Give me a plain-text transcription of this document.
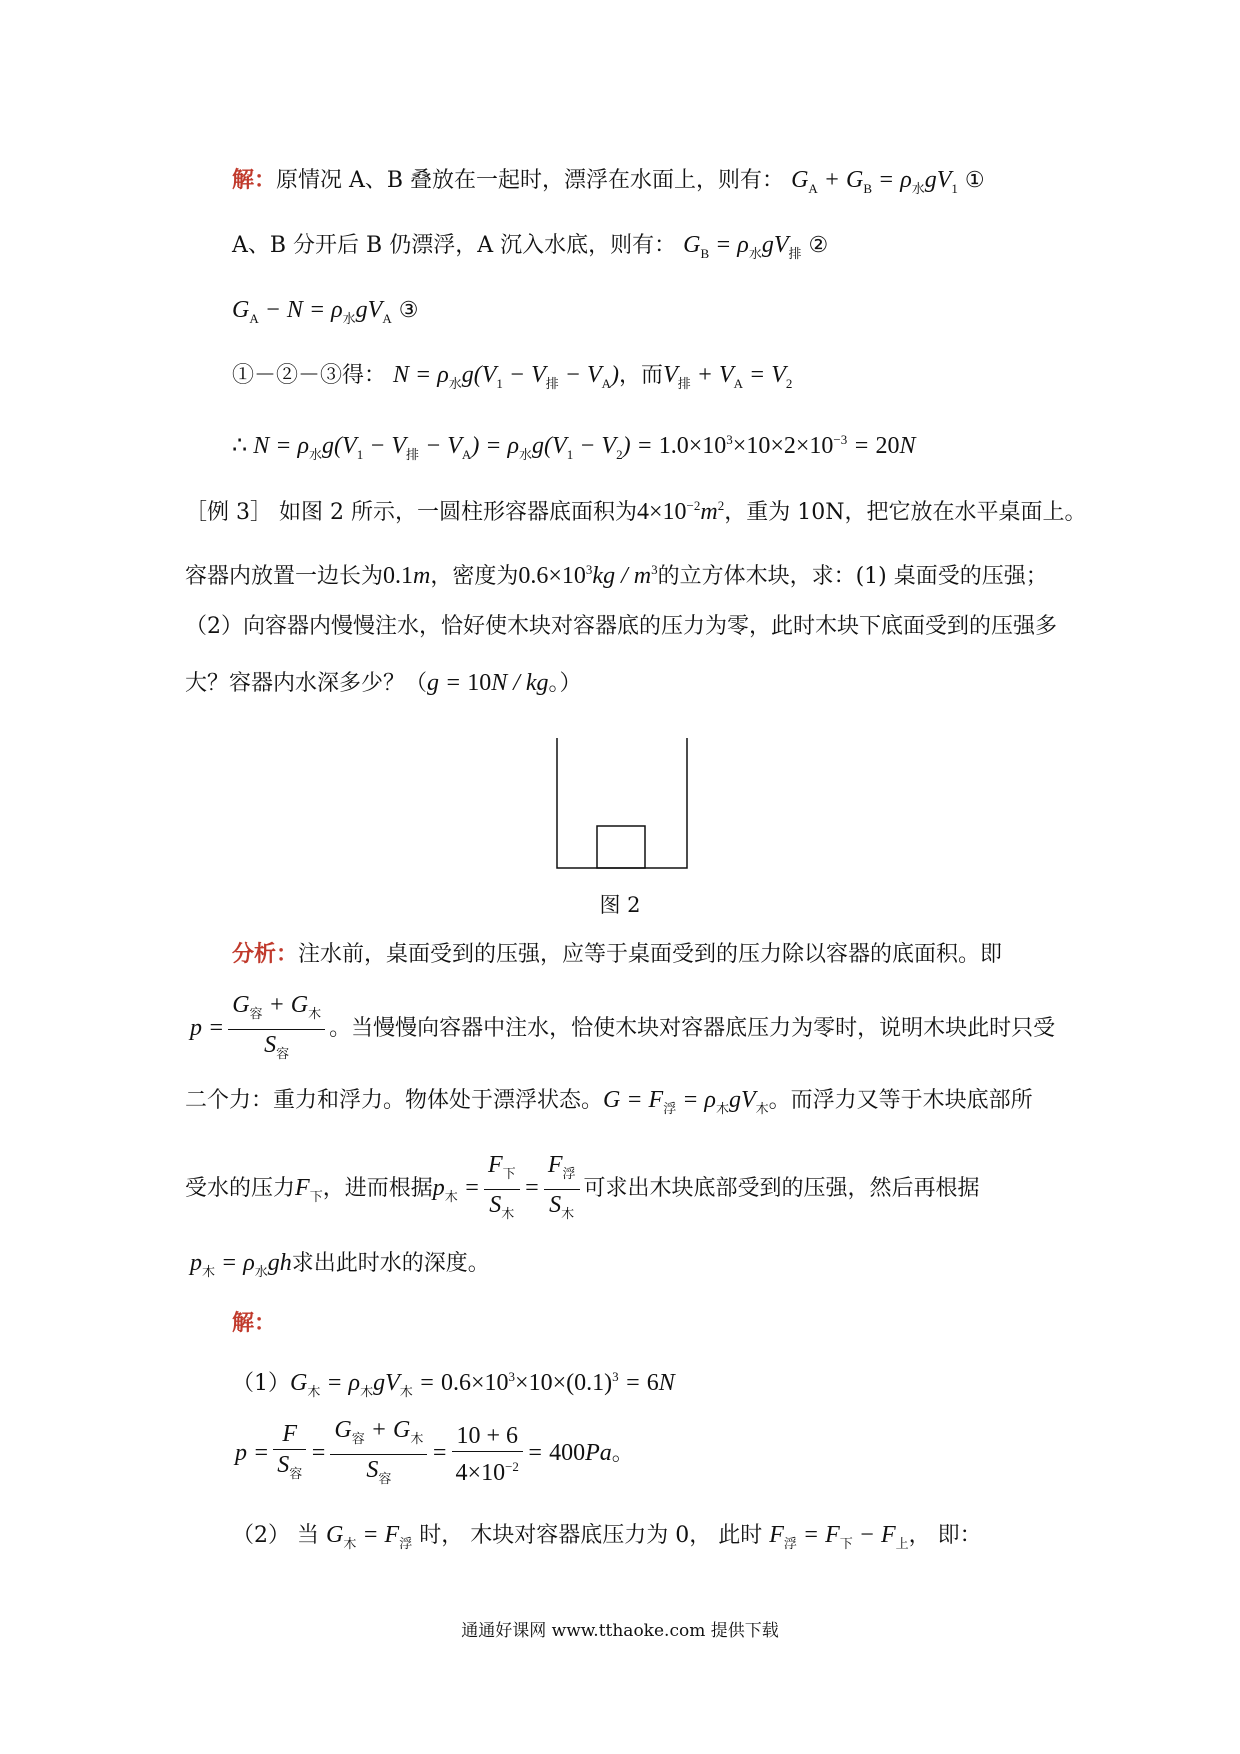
解：原情况 A、B 叠放在一起时，漂浮在水面上，则有： $G_A + G_B = \rho_水gV_1$ ①
A、B 分开后 B 仍漂浮，A 沉入水底，则有： $G_B = \rho_水gV_排$ ②
$G_A - N = \rho_水gV_A$ ③
①－②－③得： $N = \rho_水g(V_1 - V_排 - V_A)$，而$V_排 + V_A = V_2$
∴ $N = \rho_水g(V_1 - V_排 - V_A) = \rho_水g(V_1 - V_2) = 1.0\times 10^3\times 10\times 2\times 10^{-3} = 20N$
［例 3］ 如图 2 所示，一圆柱形容器底面积为$4\times 10^{-2}m^2$，重为 10N，把它放在水平桌面上。
容器内放置一边长为0.1m，密度为$0.6\times 10^3kg / m^3$的立方体木块，求：(1) 桌面受的压强；
（2）向容器内慢慢注水，恰好使木块对容器底的压力为零，此时木块下底面受到的压强多
大？容器内水深多少？（g = 10N / kg。）
图 2
分析：注水前，桌面受到的压强，应等于桌面受到的压力除以容器的底面积。即
$p = \frac{G_容 + G_木}{S_容}$ 。当慢慢向容器中注水，恰使木块对容器底压力为零时，说明木块此时只受
二个力：重力和浮力。物体处于漂浮状态。$G = F_浮 = \rho_木gV_木$。而浮力又等于木块底部所
受水的压力$F_下$，进而根据$p_木 = \frac{F_下}{S_木} = \frac{F_浮}{S_木}$ 可求出木块底部受到的压强，然后再根据
$p_木 = \rho_水gh$求出此时水的深度。
解：
$(1)G_木 = \rho_木gV_木 = 0.6\times 10^3\times 10\times(0.1)^3 = 6N$
$p = \frac{F}{S_容} = \frac{G_容 + G_木}{S_容} = \frac{10 + 6}{4\times 10^{-2}} = 400Pa$。
（2） 当 $G_木 = F_浮$ 时， 木块对容器底压力为 0， 此时 $F_浮 = F_下 - F_上$， 即：
通通好课网 www.tthaoke.com 提供下载
